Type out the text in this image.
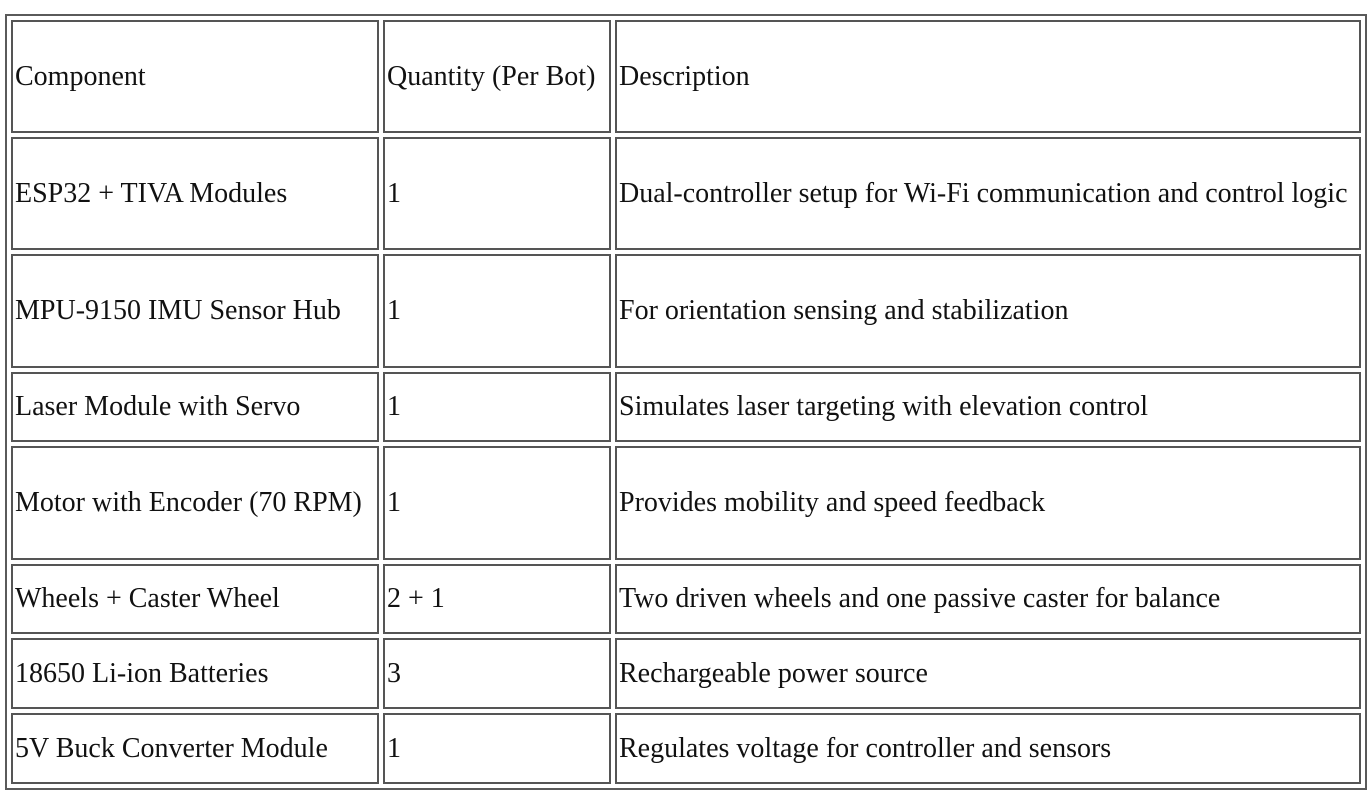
Component	Quantity (Per Bot)	Description
ESP32 + TIVA Modules	1	Dual-controller setup for Wi-Fi communication and control logic
MPU-9150 IMU Sensor Hub	1	For orientation sensing and stabilization
Laser Module with Servo	1	Simulates laser targeting with elevation control
Motor with Encoder (70 RPM)	1	Provides mobility and speed feedback
Wheels + Caster Wheel	2 + 1	Two driven wheels and one passive caster for balance
18650 Li-ion Batteries	3	Rechargeable power source
5V Buck Converter Module	1	Regulates voltage for controller and sensors
